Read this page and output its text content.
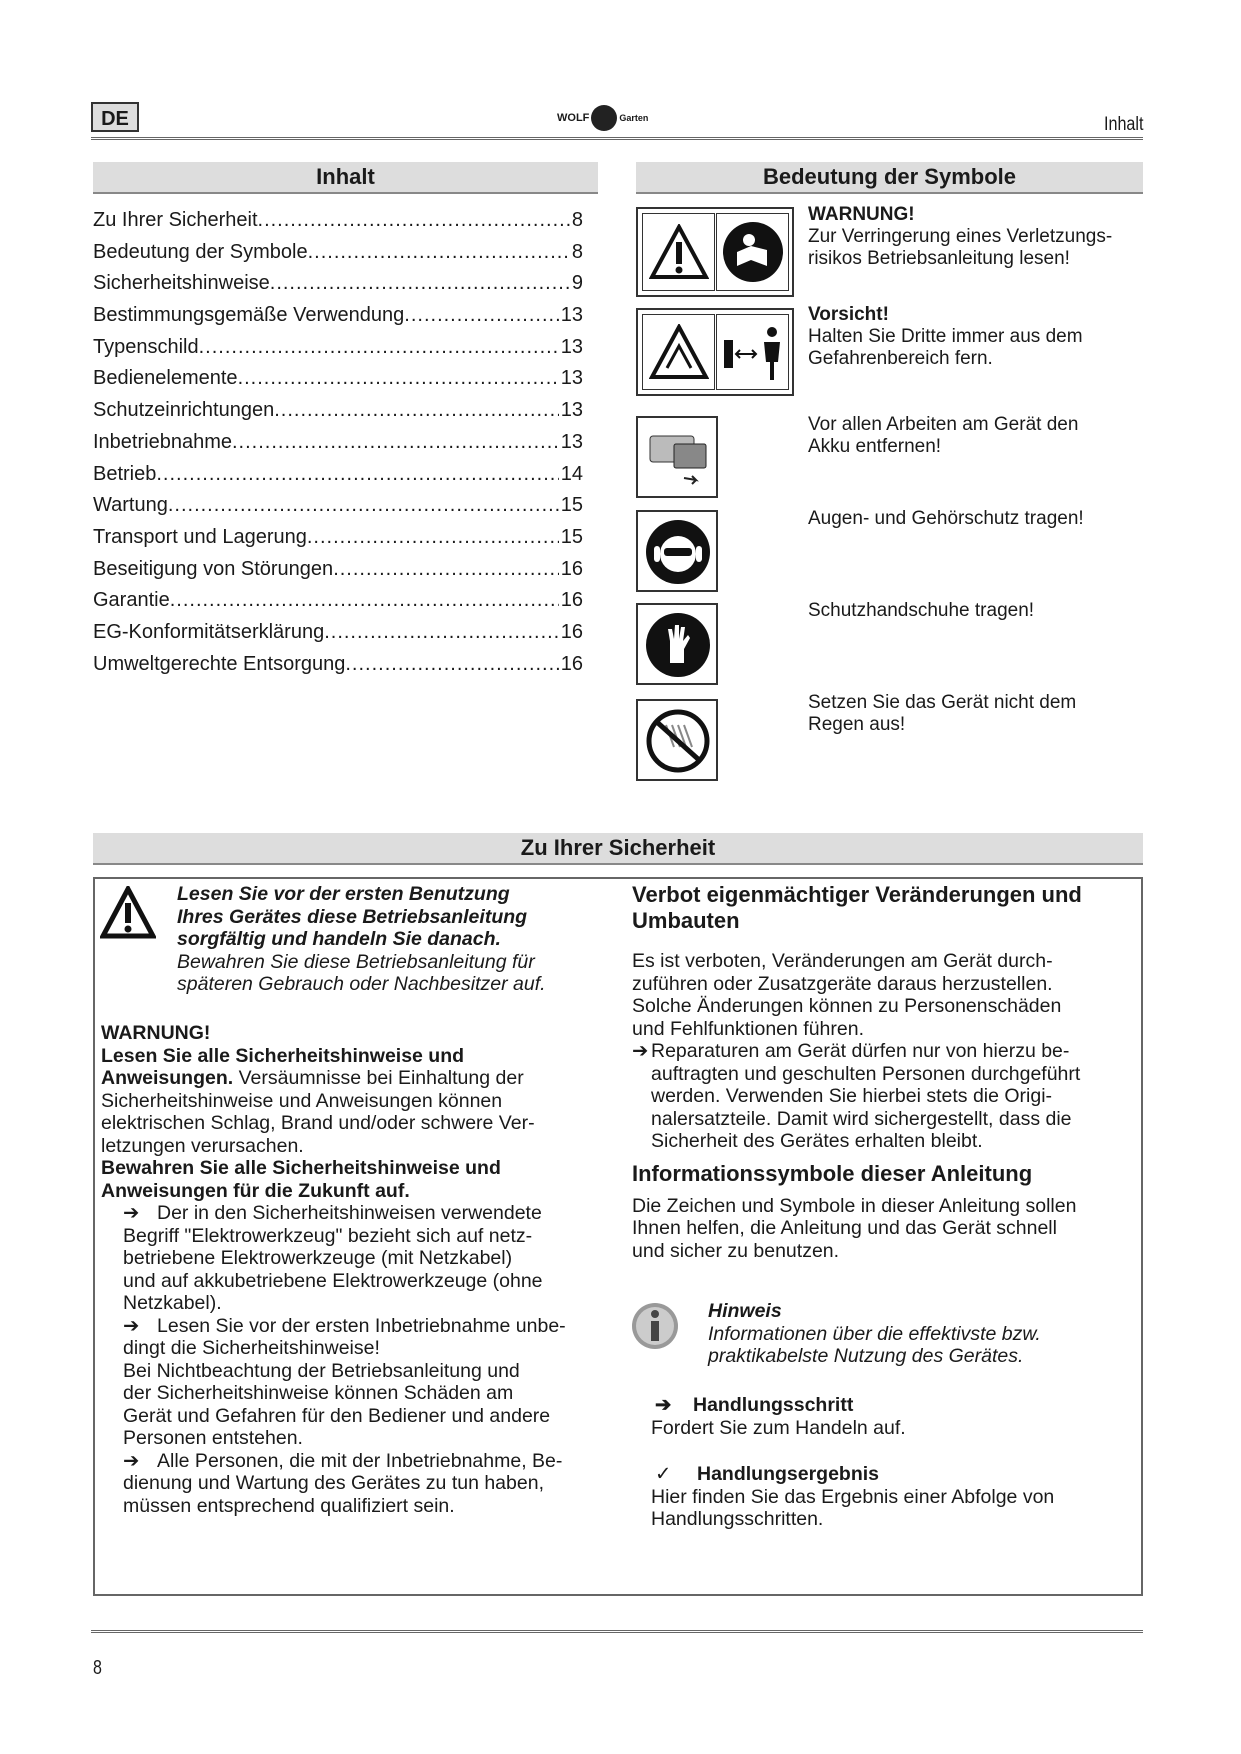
DE	WOLF	Garten	Inhalt
Inhalt
Zu Ihrer Sicherheit .....	8
Bedeutung der Symbole .....	8
Sicherheitshinweise .....	9
Bestimmungsgemäße Verwendung .....	13
Typenschild .....	13
Bedienelemente .....	13
Schutzeinrichtungen .....	13
Inbetriebnahme .....	13
Betrieb .....	14
Wartung .....	15
Transport und Lagerung .....	15
Beseitigung von Störungen .....	16
Garantie .....	16
EG-Konformitätserklärung .....	16
Umweltgerechte Entsorgung .....	16
Bedeutung der Symbole
WARNUNG!
Zur Verringerung eines Verletzungs-
risikos Betriebsanleitung lesen!
Vorsicht!
Halten Sie Dritte immer aus dem
Gefahrenbereich fern.
Vor allen Arbeiten am Gerät den
Akku entfernen!
Augen- und Gehörschutz tragen!
Schutzhandschuhe tragen!
Setzen Sie das Gerät nicht dem
Regen aus!
Zu Ihrer Sicherheit
Lesen Sie vor der ersten Benutzung
Ihres Gerätes diese Betriebsanleitung
sorgfältig und handeln Sie danach.
Bewahren Sie diese Betriebsanleitung für
späteren Gebrauch oder Nachbesitzer auf.
WARNUNG!
Lesen Sie alle Sicherheitshinweise und
Anweisungen. Versäumnisse bei Einhaltung der
Sicherheitshinweise und Anweisungen können
elektrischen Schlag, Brand und/oder schwere Ver-
letzungen verursachen.
Bewahren Sie alle Sicherheitshinweise und
Anweisungen für die Zukunft auf.
➔ Der in den Sicherheitshinweisen verwendete
Begriff "Elektrowerkzeug" bezieht sich auf netz-
betriebene Elektrowerkzeuge (mit Netzkabel)
und auf akkubetriebene Elektrowerkzeuge (ohne
Netzkabel).
➔ Lesen Sie vor der ersten Inbetriebnahme unbe-
dingt die Sicherheitshinweise!
Bei Nichtbeachtung der Betriebsanleitung und
der Sicherheitshinweise können Schäden am
Gerät und Gefahren für den Bediener und andere
Personen entstehen.
➔ Alle Personen, die mit der Inbetriebnahme, Be-
dienung und Wartung des Gerätes zu tun haben,
müssen entsprechend qualifiziert sein.
Verbot eigenmächtiger Veränderungen und
Umbauten
Es ist verboten, Veränderungen am Gerät durch-
zuführen oder Zusatzgeräte daraus herzustellen.
Solche Änderungen können zu Personenschäden
und Fehlfunktionen führen.
➔ Reparaturen am Gerät dürfen nur von hierzu be-
auftragten und geschulten Personen durchgeführt
werden. Verwenden Sie hierbei stets die Origi-
nalersatzteile. Damit wird sichergestellt, dass die
Sicherheit des Gerätes erhalten bleibt.
Informationssymbole dieser Anleitung
Die Zeichen und Symbole in dieser Anleitung sollen
Ihnen helfen, die Anleitung und das Gerät schnell
und sicher zu benutzen.
Hinweis
Informationen über die effektivste bzw.
praktikabelste Nutzung des Gerätes.
➔ Handlungsschritt
Fordert Sie zum Handeln auf.
✓ Handlungsergebnis
Hier finden Sie das Ergebnis einer Abfolge von
Handlungsschritten.
8
